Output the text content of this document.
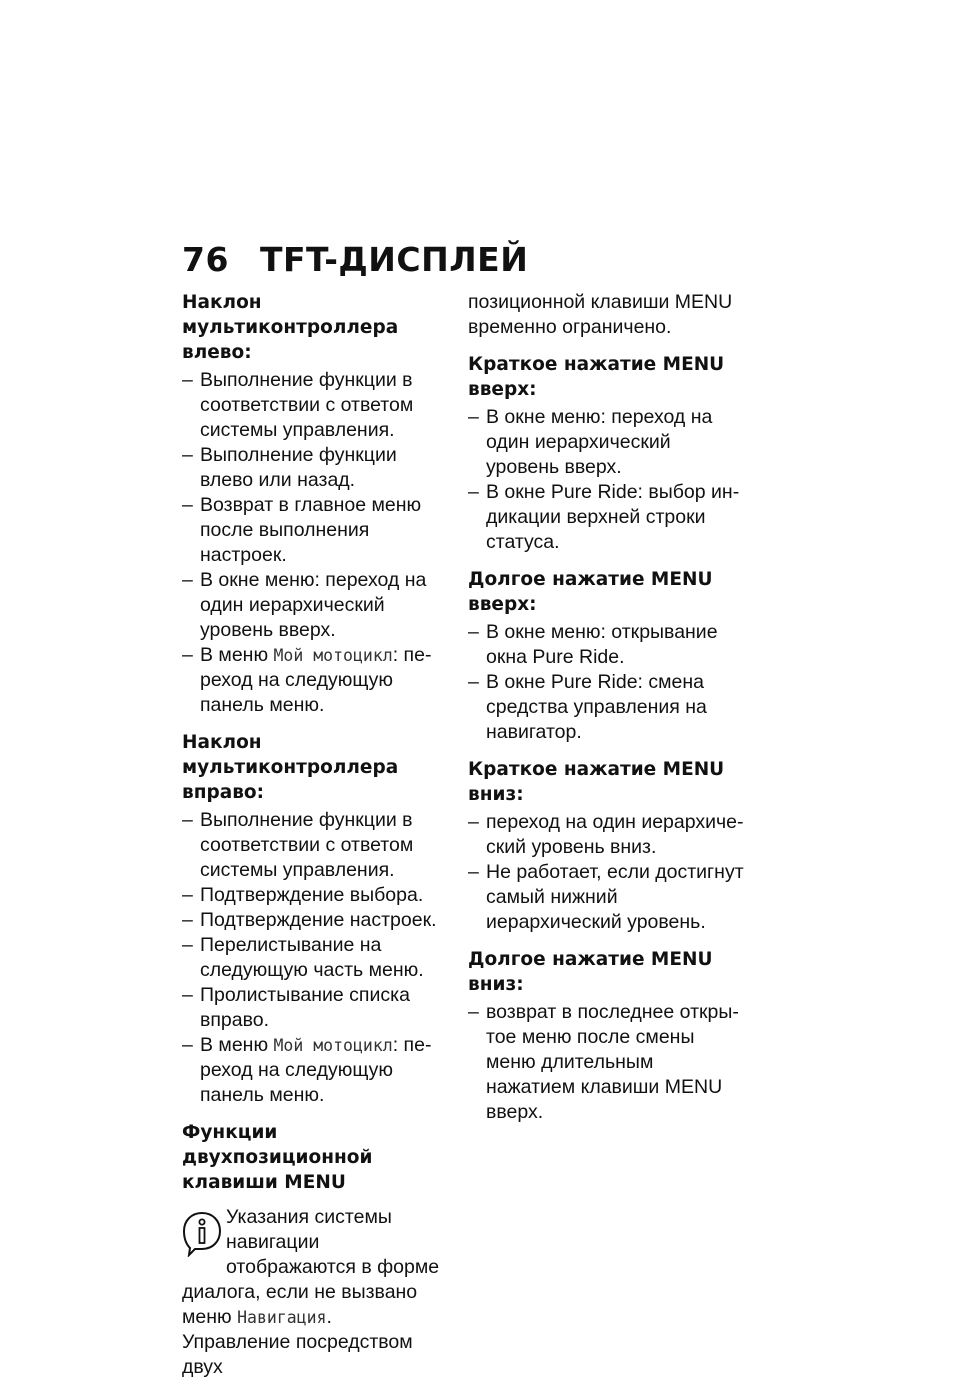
76 TFT-ДИСПЛЕЙ
Наклон мультиконтроллера влево:
– Выполнение функции в соответствии с ответом системы управления.
– Выполнение функции влево или назад.
– Возврат в главное меню после выполнения настроек.
– В окне меню: переход на один иерархический уровень вверх.
– В меню Мой мотоцикл: переход на следующую панель меню.
Наклон мультиконтроллера вправо:
– Выполнение функции в соответствии с ответом системы управления.
– Подтверждение выбора.
– Подтверждение настроек.
– Перелистывание на следующую часть меню.
– Пролистывание списка вправо.
– В меню Мой мотоцикл: переход на следующую панель меню.
Функции двухпозиционной клавиши MENU

Указания системы навигации отображаются в форме диалога, если не вызвано меню Навигация.

Управление посредством двух

позиционной клавиши MENU временно ограничено.

Краткое нажатие MENU вверх:
– В окне меню: переход на один иерархический уровень вверх.
– В окне Pure Ride: выбор индикации верхней строки статуса.
Долгое нажатие MENU вверх:
– В окне меню: открывание окна Pure Ride.
– В окне Pure Ride: смена средства управления на навигатор.
Краткое нажатие MENU вниз:
– переход на один иерархический уровень вниз.
– Не работает, если достигнут самый нижний иерархический уровень.
Долгое нажатие MENU вниз:
– возврат в последнее открытое меню после смены меню длительным нажатием клавиши MENU вверх.
